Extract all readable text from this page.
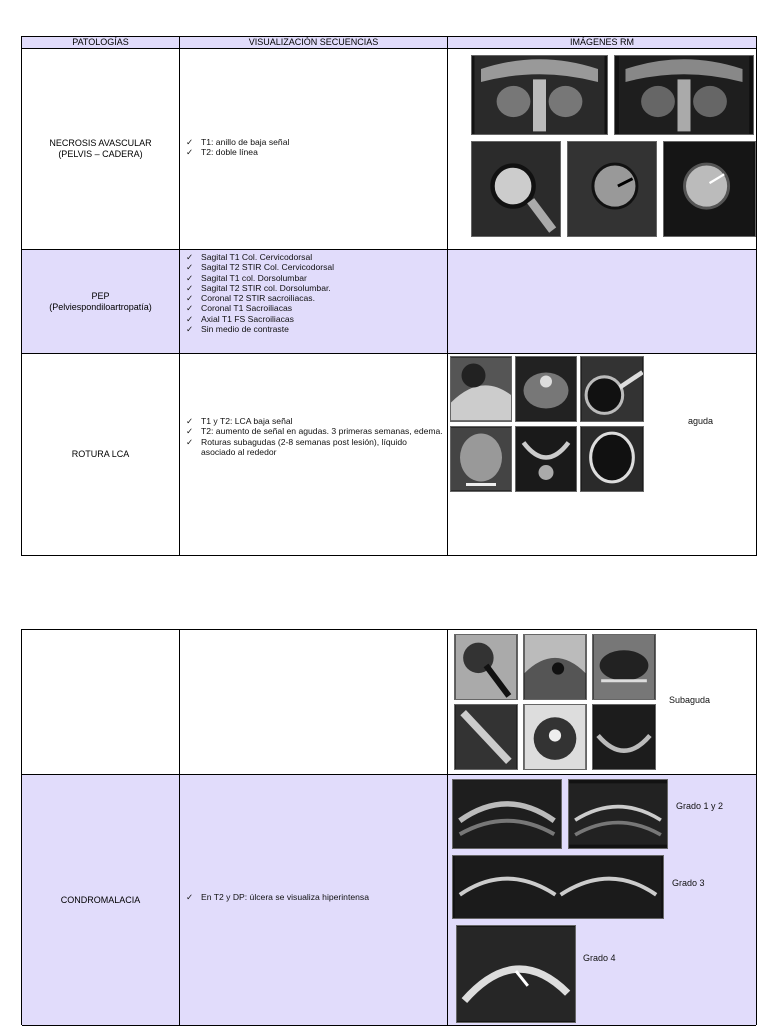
PATOLOGÍAS	VISUALIZACIÓN SECUENCIAS	IMÁGENES RM
NECROSIS AVASCULAR
(PELVIS – CADERA)
✓ T1: anillo de baja señal
✓ T2: doble línea
PEP
(Pelviespondiloartropatía)
✓ Sagital T1 Col. Cervicodorsal
✓ Sagital T2 STIR Col. Cervicodorsal
✓ Sagital T1 col. Dorsolumbar
✓ Sagital T2 STIR col. Dorsolumbar.
✓ Coronal T2 STIR sacroiliacas.
✓ Coronal T1 Sacroiliacas
✓ Axial T1 FS Sacroiliacas
✓ Sin medio de contraste
ROTURA LCA
✓ T1 y T2: LCA baja señal
✓ T2: aumento de señal en agudas. 3 primeras semanas, edema.
✓ Roturas subagudas (2-8 semanas post lesión), líquido asociado al rededor
aguda
Subaguda
CONDROMALACIA
✓	En T2 y DP: úlcera se visualiza hiperintensa
Grado 1 y 2
Grado 3
Grado 4
